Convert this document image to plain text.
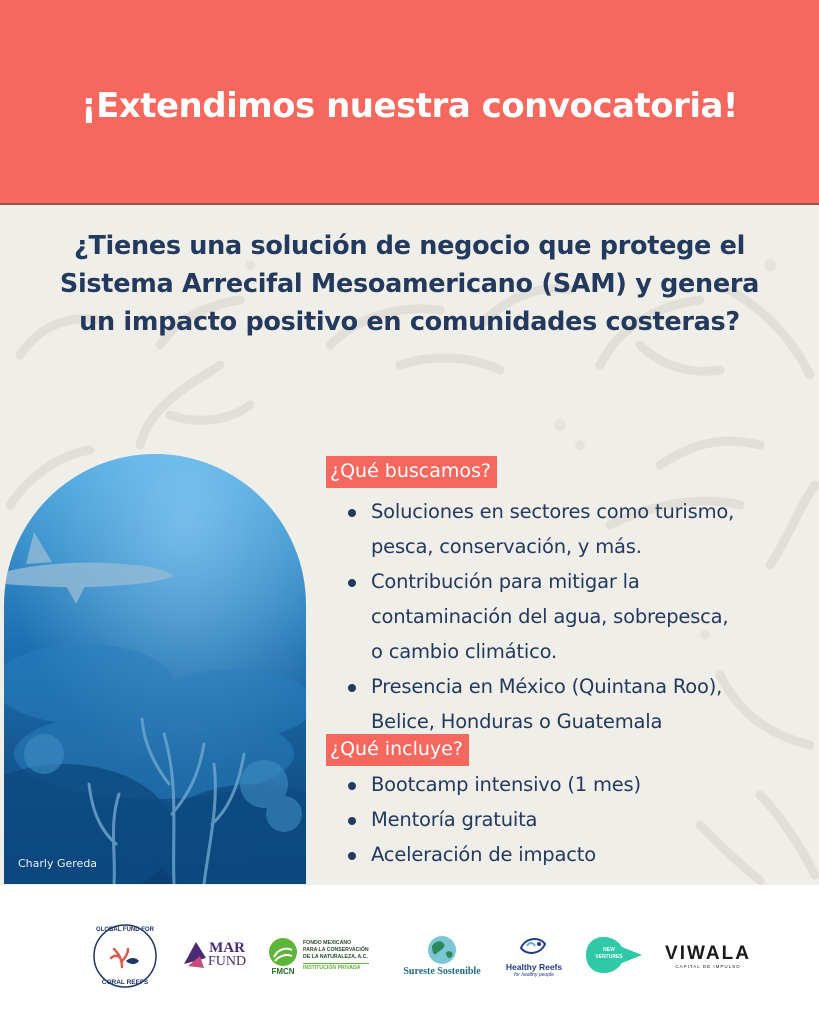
¡Extendimos nuestra convocatoria!
¿Tienes una solución de negocio que protege el
Sistema Arrecifal Mesoamericano (SAM) y genera
un impacto positivo en comunidades costeras?
Charly Gereda
¿Qué buscamos?
Soluciones en sectores como turismo,
pesca, conservación, y más.
Contribución para mitigar la
contaminación del agua, sobrepesca,
o cambio climático.
Presencia en México (Quintana Roo),
Belice, Honduras o Guatemala
¿Qué incluye?
Bootcamp intensivo (1 mes)
Mentoría gratuita
Aceleración de impacto
GLOBAL FUND FOR
CORAL REEFS
MAR
FUND
FMCN
FONDO MEXICANO
PARA LA CONSERVACIÓN
DE LA NATURALEZA, A.C.
INSTITUCIÓN PRIVADA	Sureste Sostenible	Healthy Reefs
for healthy people
NEW
VENTURES VIWALA
CAPITAL DE IMPULSO
